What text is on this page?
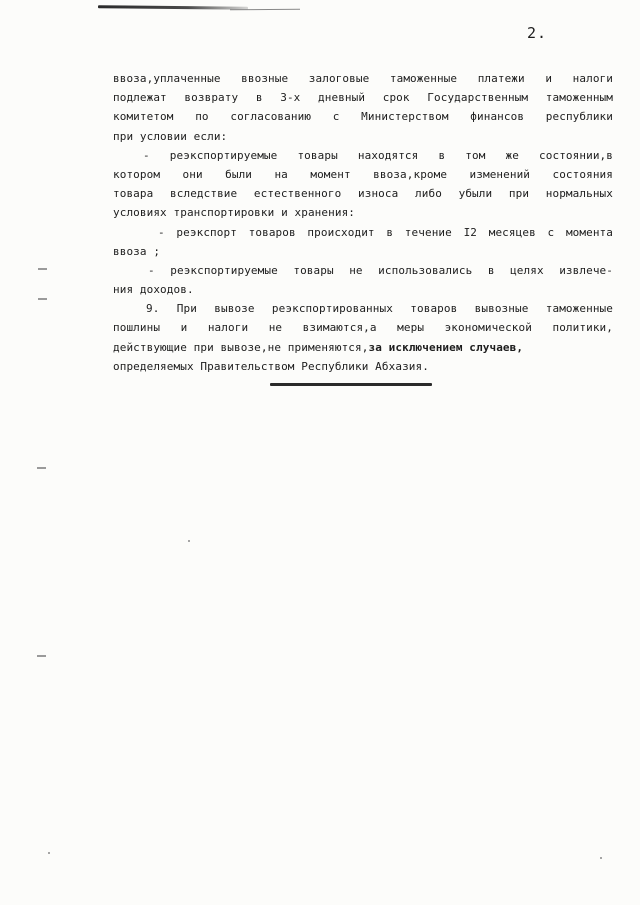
2.
ввоза,уплаченные ввозные залоговые таможенные платежи и налоги
подлежат возврату в 3-х дневный срок Государственным таможенным
комитетом по согласованию с Министерством финансов республики
при условии если:
- реэкспортируемые товары находятся в том же состоянии,в
котором они были на момент ввоза,кроме изменений состояния
товара вследствие естественного износа либо убыли при нормальных
условиях транспортировки и хранения:
- реэкспорт товаров происходит в течение I2 месяцев с момента
ввоза ;
- реэкспортируемые товары не использовались в целях извлече-
ния доходов.
9. При вывозе реэкспортированных товаров вывозные таможенные
пошлины и налоги не взимаются,а меры экономической политики,
действующие при вывозе,не применяются,за исключением случаев,
определяемых Правительством Республики Абхазия.
